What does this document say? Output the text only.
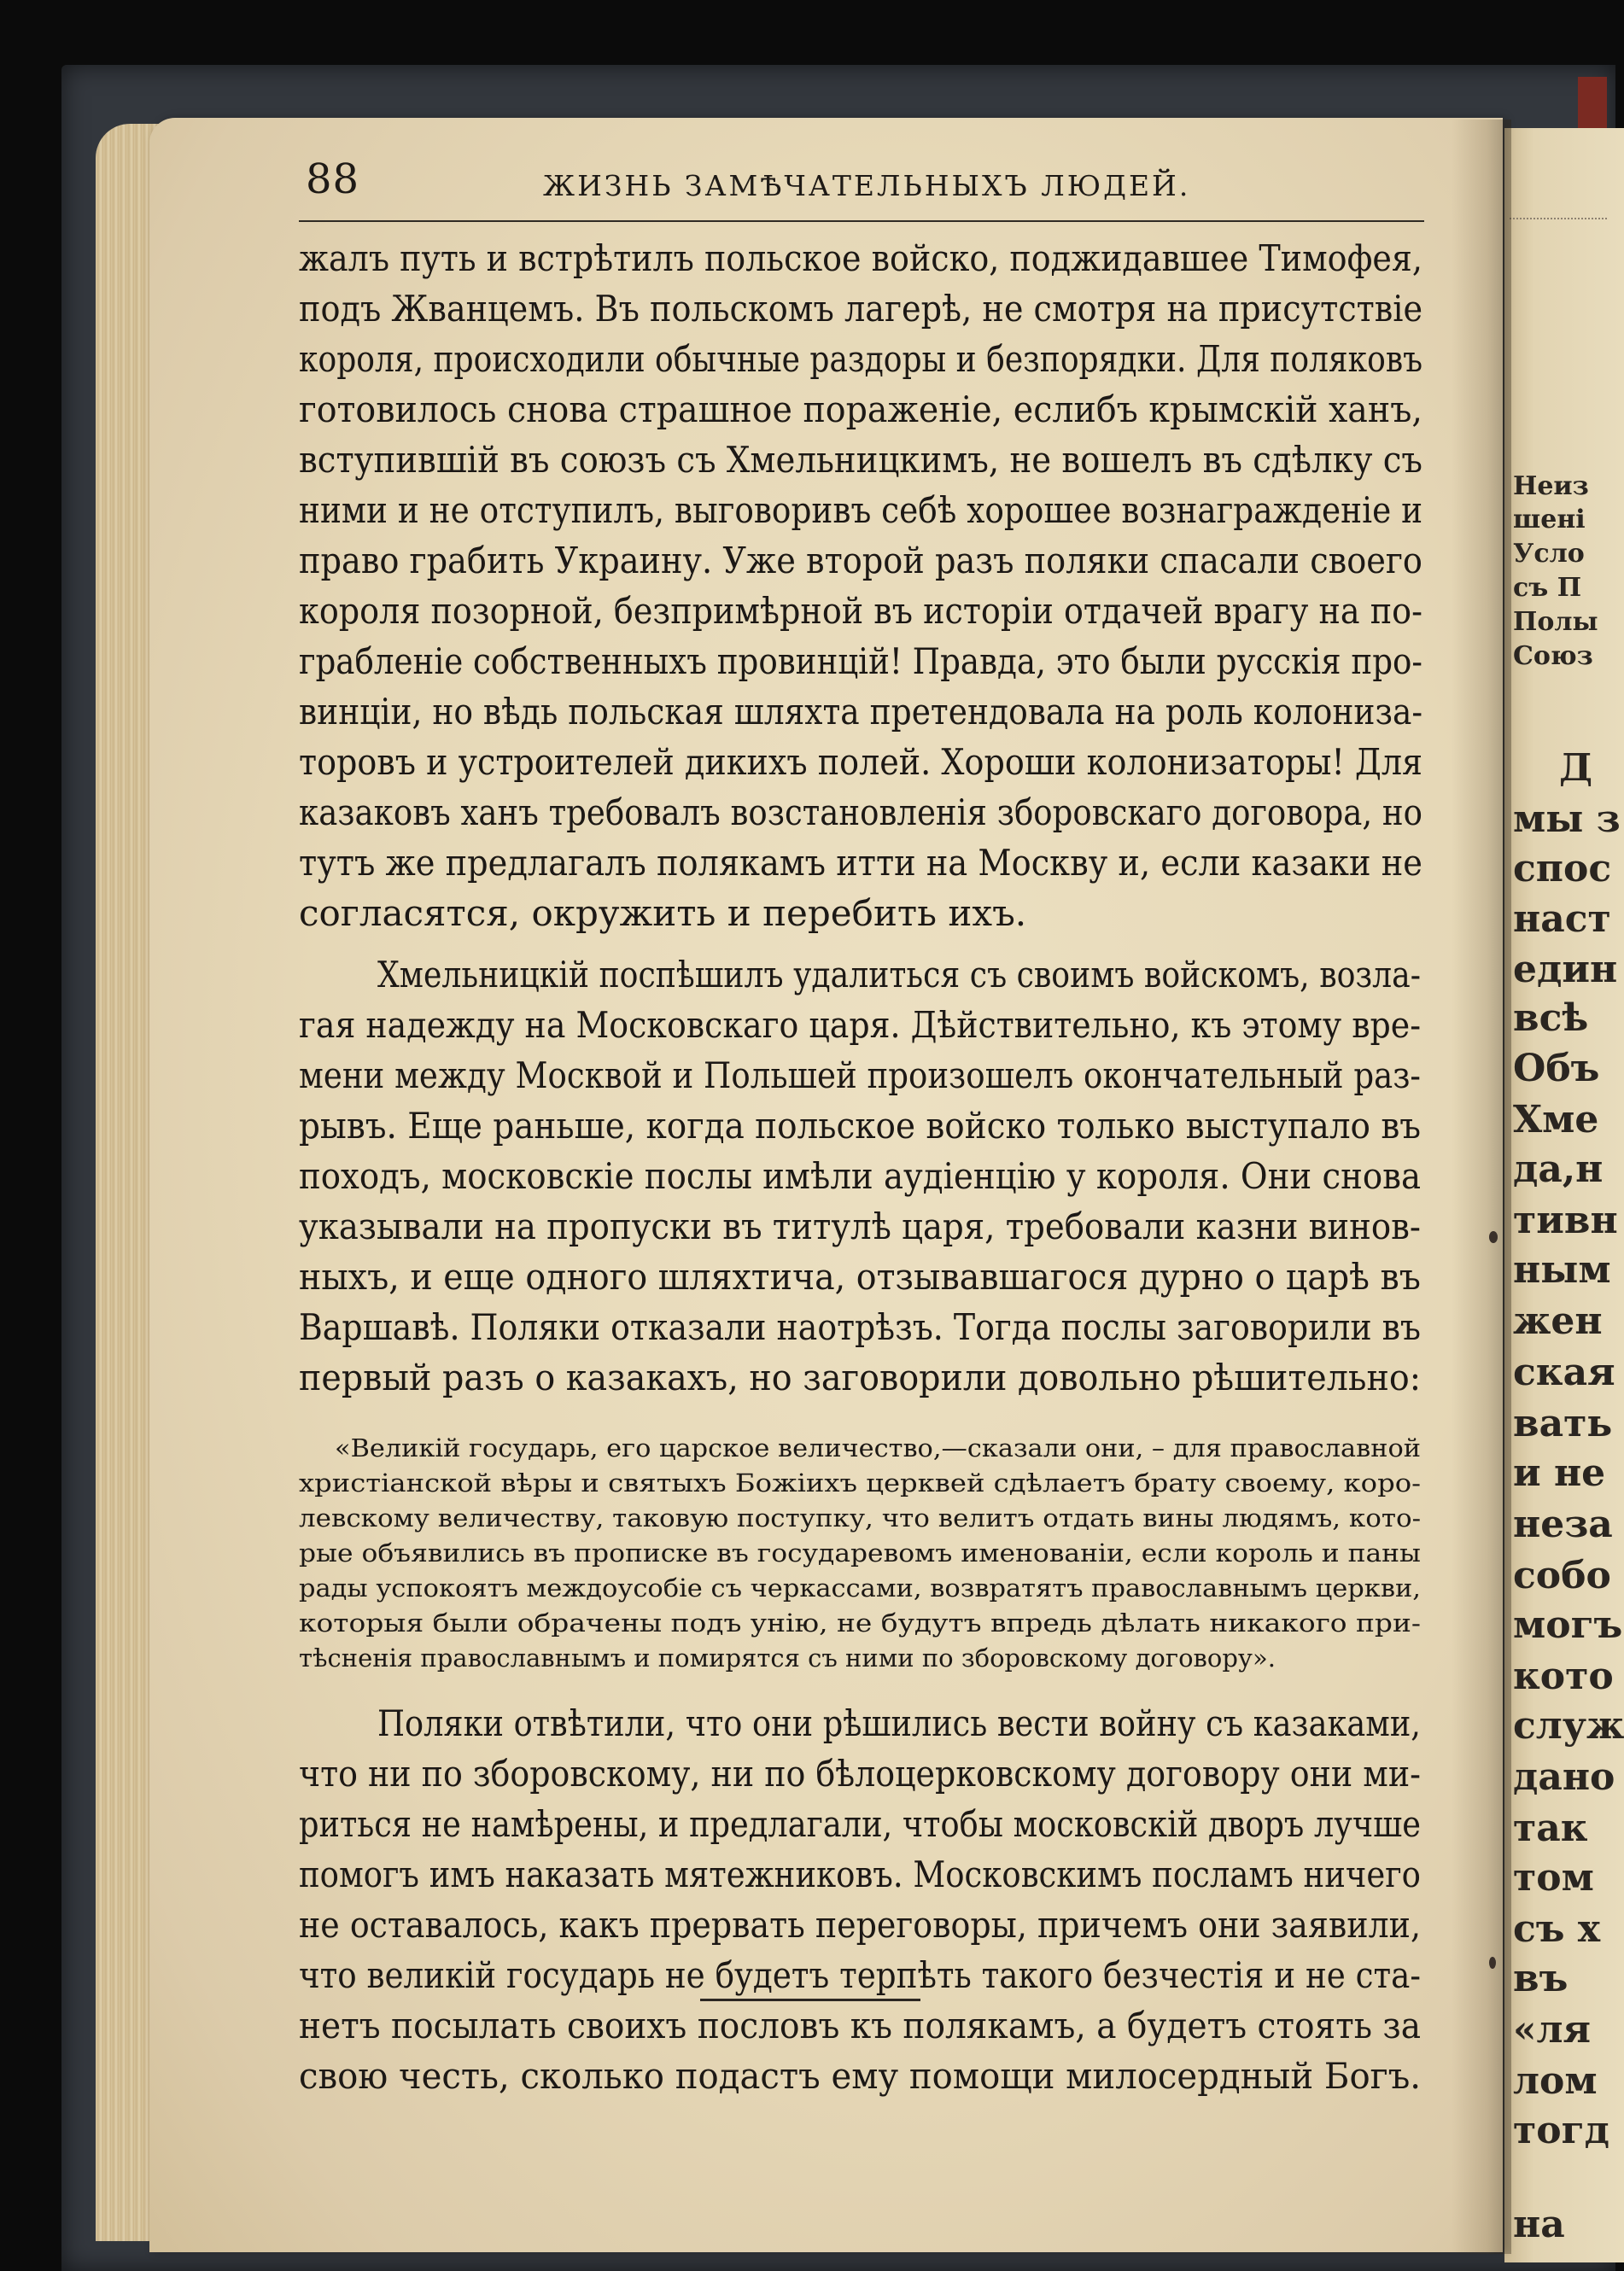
Неиз
шені
Усло
съ П
Полы
Союз
Д
мы з
спос
наст
един
всѣ
Объ
Хме
да,н
тивн
ным
жен
ская
вать
и не
неза
собо
могъ
кото
служ
дано
так
том
съ х
въ
«ля
лом
тогд
на
88	ЖИЗНЬ ЗАМѢЧАТЕЛЬНЫХЪ ЛЮДЕЙ.
жалъ путь и встрѣтилъ польское войско, поджидавшее Тимофея,
подъ Жванцемъ. Въ польскомъ лагерѣ, не смотря на присутствіе
короля, происходили обычные раздоры и безпорядки. Для поляковъ
готовилось снова страшное пораженіе, еслибъ крымскій ханъ,
вступившій въ союзъ съ Хмельницкимъ, не вошелъ въ сдѣлку съ
ними и не отступилъ, выговоривъ себѣ хорошее вознагражденіе и
право грабить Украину. Уже второй разъ поляки спасали своего
короля позорной, безпримѣрной въ исторіи отдачей врагу на по-
грабленіе собственныхъ провинцій! Правда, это были русскія про-
винціи, но вѣдь польская шляхта претендовала на роль колониза-
торовъ и устроителей дикихъ полей. Хороши колонизаторы! Для
казаковъ ханъ требовалъ возстановленія зборовскаго договора, но
тутъ же предлагалъ полякамъ итти на Москву и, если казаки не
согласятся, окружить и перебить ихъ.
Хмельницкій поспѣшилъ удалиться съ своимъ войскомъ, возла-
гая надежду на Московскаго царя. Дѣйствительно, къ этому вре-
мени между Москвой и Польшей произошелъ окончательный раз-
рывъ. Еще раньше, когда польское войско только выступало въ
походъ, московскіе послы имѣли аудіенцію у короля. Они снова
указывали на пропуски въ титулѣ царя, требовали казни винов-
ныхъ, и еще одного шляхтича, отзывавшагося дурно о царѣ въ
Варшавѣ. Поляки отказали наотрѣзъ. Тогда послы заговорили въ
первый разъ о казакахъ, но заговорили довольно рѣшительно:
«Великій государь, его царское величество,—сказали они, – для православной
христіанской вѣры и святыхъ Божіихъ церквей сдѣлаетъ брату своему, коро-
левскому величеству, таковую поступку, что велитъ отдать вины людямъ, кото-
рые объявились въ прописке въ государевомъ именованіи, если король и паны
рады успокоятъ междоусобіе съ черкассами, возвратятъ православнымъ церкви,
которыя были обрачены подъ унію, не будутъ впредь дѣлать никакого при-
тѣсненія православнымъ и помирятся съ ними по зборовскому договору».
Поляки отвѣтили, что они рѣшились вести войну съ казаками,
что ни по зборовскому, ни по бѣлоцерковскому договору они ми-
риться не намѣрены, и предлагали, чтобы московскій дворъ лучше
помогъ имъ наказать мятежниковъ. Московскимъ посламъ ничего
не оставалось, какъ прервать переговоры, причемъ они заявили,
что великій государь не будетъ терпѣть такого безчестія и не ста-
нетъ посылать своихъ пословъ къ полякамъ, а будетъ стоять за
свою честь, сколько подастъ ему помощи милосердный Богъ.
